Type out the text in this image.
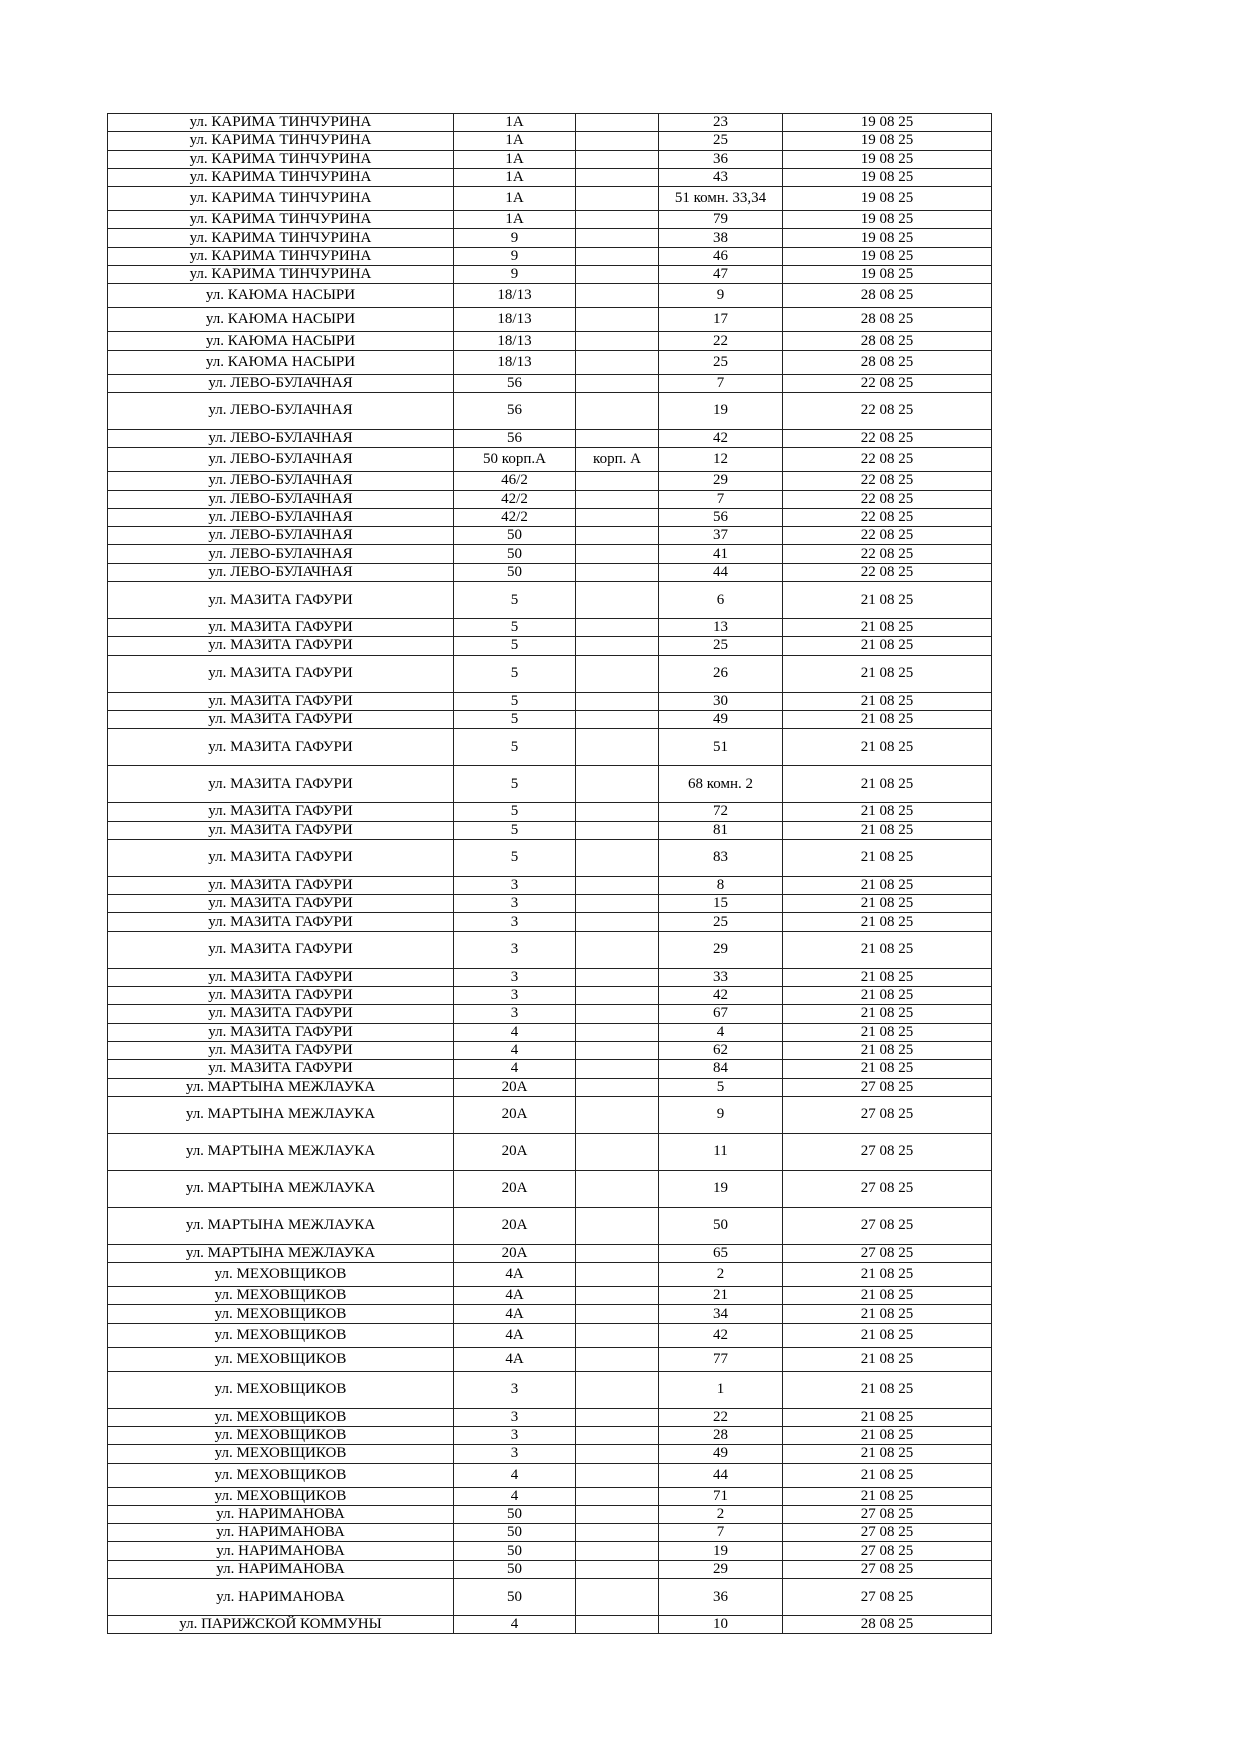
ул. КАРИМА ТИНЧУРИНА	1А		23	19 08 25
ул. КАРИМА ТИНЧУРИНА	1А		25	19 08 25
ул. КАРИМА ТИНЧУРИНА	1А		36	19 08 25
ул. КАРИМА ТИНЧУРИНА	1А		43	19 08 25
ул. КАРИМА ТИНЧУРИНА	1А		51 комн. 33,34	19 08 25
ул. КАРИМА ТИНЧУРИНА	1А		79	19 08 25
ул. КАРИМА ТИНЧУРИНА	9		38	19 08 25
ул. КАРИМА ТИНЧУРИНА	9		46	19 08 25
ул. КАРИМА ТИНЧУРИНА	9		47	19 08 25
ул. КАЮМА НАСЫРИ	18/13		9	28 08 25
ул. КАЮМА НАСЫРИ	18/13		17	28 08 25
ул. КАЮМА НАСЫРИ	18/13		22	28 08 25
ул. КАЮМА НАСЫРИ	18/13		25	28 08 25
ул. ЛЕВО-БУЛАЧНАЯ	56		7	22 08 25
ул. ЛЕВО-БУЛАЧНАЯ	56		19	22 08 25
ул. ЛЕВО-БУЛАЧНАЯ	56		42	22 08 25
ул. ЛЕВО-БУЛАЧНАЯ	50 корп.А	корп. А	12	22 08 25
ул. ЛЕВО-БУЛАЧНАЯ	46/2		29	22 08 25
ул. ЛЕВО-БУЛАЧНАЯ	42/2		7	22 08 25
ул. ЛЕВО-БУЛАЧНАЯ	42/2		56	22 08 25
ул. ЛЕВО-БУЛАЧНАЯ	50		37	22 08 25
ул. ЛЕВО-БУЛАЧНАЯ	50		41	22 08 25
ул. ЛЕВО-БУЛАЧНАЯ	50		44	22 08 25
ул. МАЗИТА ГАФУРИ	5		6	21 08 25
ул. МАЗИТА ГАФУРИ	5		13	21 08 25
ул. МАЗИТА ГАФУРИ	5		25	21 08 25
ул. МАЗИТА ГАФУРИ	5		26	21 08 25
ул. МАЗИТА ГАФУРИ	5		30	21 08 25
ул. МАЗИТА ГАФУРИ	5		49	21 08 25
ул. МАЗИТА ГАФУРИ	5		51	21 08 25
ул. МАЗИТА ГАФУРИ	5		68 комн. 2	21 08 25
ул. МАЗИТА ГАФУРИ	5		72	21 08 25
ул. МАЗИТА ГАФУРИ	5		81	21 08 25
ул. МАЗИТА ГАФУРИ	5		83	21 08 25
ул. МАЗИТА ГАФУРИ	3		8	21 08 25
ул. МАЗИТА ГАФУРИ	3		15	21 08 25
ул. МАЗИТА ГАФУРИ	3		25	21 08 25
ул. МАЗИТА ГАФУРИ	3		29	21 08 25
ул. МАЗИТА ГАФУРИ	3		33	21 08 25
ул. МАЗИТА ГАФУРИ	3		42	21 08 25
ул. МАЗИТА ГАФУРИ	3		67	21 08 25
ул. МАЗИТА ГАФУРИ	4		4	21 08 25
ул. МАЗИТА ГАФУРИ	4		62	21 08 25
ул. МАЗИТА ГАФУРИ	4		84	21 08 25
ул. МАРТЫНА МЕЖЛАУКА	20А		5	27 08 25
ул. МАРТЫНА МЕЖЛАУКА	20А		9	27 08 25
ул. МАРТЫНА МЕЖЛАУКА	20А		11	27 08 25
ул. МАРТЫНА МЕЖЛАУКА	20А		19	27 08 25
ул. МАРТЫНА МЕЖЛАУКА	20А		50	27 08 25
ул. МАРТЫНА МЕЖЛАУКА	20А		65	27 08 25
ул. МЕХОВЩИКОВ	4А		2	21 08 25
ул. МЕХОВЩИКОВ	4А		21	21 08 25
ул. МЕХОВЩИКОВ	4А		34	21 08 25
ул. МЕХОВЩИКОВ	4А		42	21 08 25
ул. МЕХОВЩИКОВ	4А		77	21 08 25
ул. МЕХОВЩИКОВ	3		1	21 08 25
ул. МЕХОВЩИКОВ	3		22	21 08 25
ул. МЕХОВЩИКОВ	3		28	21 08 25
ул. МЕХОВЩИКОВ	3		49	21 08 25
ул. МЕХОВЩИКОВ	4		44	21 08 25
ул. МЕХОВЩИКОВ	4		71	21 08 25
ул. НАРИМАНОВА	50		2	27 08 25
ул. НАРИМАНОВА	50		7	27 08 25
ул. НАРИМАНОВА	50		19	27 08 25
ул. НАРИМАНОВА	50		29	27 08 25
ул. НАРИМАНОВА	50		36	27 08 25
ул. ПАРИЖСКОЙ КОММУНЫ	4		10	28 08 25
